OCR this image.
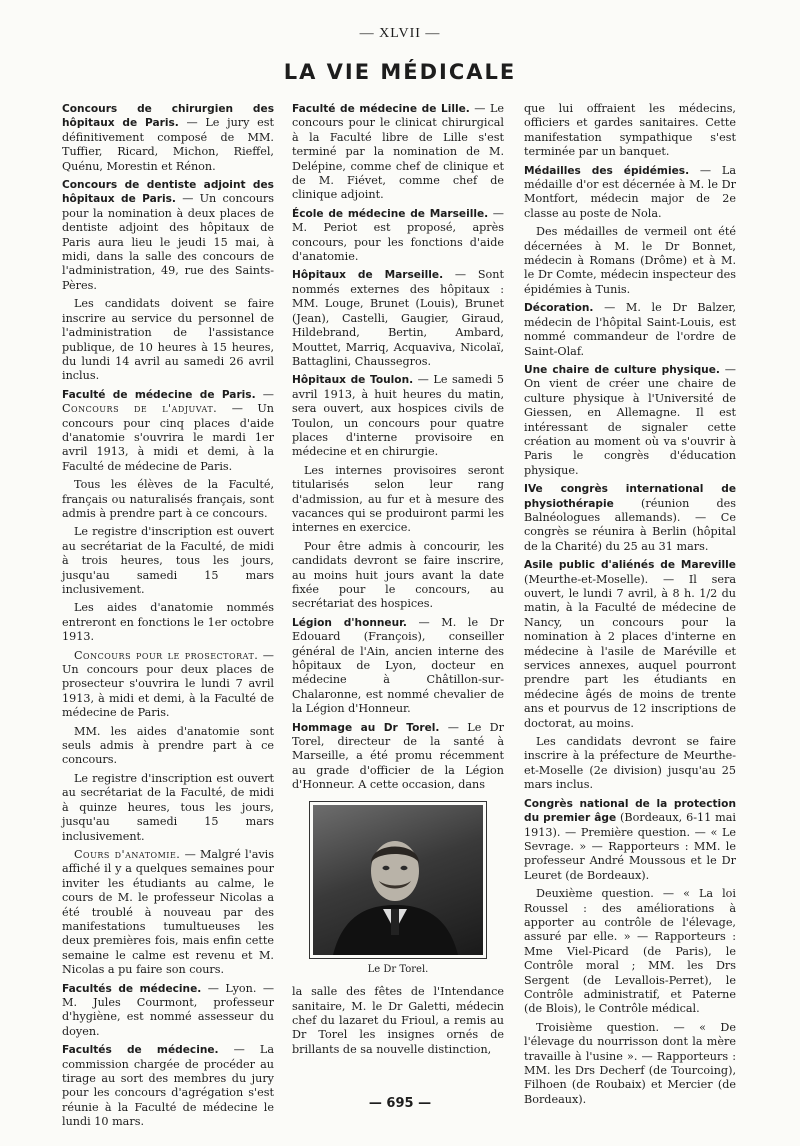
— XLVII —
LA VIE MÉDICALE

Concours de chirurgien des hôpitaux de Paris. — Le jury est définitivement composé de MM. Tuffier, Ricard, Michon, Rieffel, Quénu, Morestin et Rénon.

Concours de dentiste adjoint des hôpitaux de Paris. — Un concours pour la nomination à deux places de dentiste adjoint des hôpitaux de Paris aura lieu le jeudi 15 mai, à midi, dans la salle des concours de l'administration, 49, rue des Saints-Pères.

Les candidats doivent se faire inscrire au service du personnel de l'administration de l'assistance publique, de 10 heures à 15 heures, du lundi 14 avril au samedi 26 avril inclus.

Faculté de médecine de Paris. — Concours de l'adjuvat. — Un concours pour cinq places d'aide d'anatomie s'ouvrira le mardi 1er avril 1913, à midi et demi, à la Faculté de médecine de Paris.

Tous les élèves de la Faculté, français ou naturalisés français, sont admis à prendre part à ce concours.

Le registre d'inscription est ouvert au secrétariat de la Faculté, de midi à trois heures, tous les jours, jusqu'au samedi 15 mars inclusivement.

Les aides d'anatomie nommés entreront en fonctions le 1er octobre 1913.

Concours pour le prosectorat. — Un concours pour deux places de prosecteur s'ouvrira le lundi 7 avril 1913, à midi et demi, à la Faculté de médecine de Paris.

MM. les aides d'anatomie sont seuls admis à prendre part à ce concours.

Le registre d'inscription est ouvert au secrétariat de la Faculté, de midi à quinze heures, tous les jours, jusqu'au samedi 15 mars inclusivement.

Cours d'anatomie. — Malgré l'avis affiché il y a quelques semaines pour inviter les étudiants au calme, le cours de M. le professeur Nicolas a été troublé à nouveau par des manifestations tumultueuses les deux premières fois, mais enfin cette semaine le calme est revenu et M. Nicolas a pu faire son cours.

Facultés de médecine. — Lyon. — M. Jules Courmont, professeur d'hygiène, est nommé assesseur du doyen.

Facultés de médecine. — La commission chargée de procéder au tirage au sort des membres du jury pour les concours d'agrégation s'est réunie à la Faculté de médecine le lundi 10 mars.

Faculté de médecine de Lille. — Le concours pour le clinicat chirurgical à la Faculté libre de Lille s'est terminé par la nomination de M. Delépine, comme chef de clinique et de M. Fiévet, comme chef de clinique adjoint.

École de médecine de Marseille. — M. Periot est proposé, après concours, pour les fonctions d'aide d'anatomie.

Hôpitaux de Marseille. — Sont nommés externes des hôpitaux : MM. Louge, Brunet (Louis), Brunet (Jean), Castelli, Gaugier, Giraud, Hildebrand, Bertin, Ambard, Mouttet, Marriq, Acquaviva, Nicolaï, Battaglini, Chaussegros.

Hôpitaux de Toulon. — Le samedi 5 avril 1913, à huit heures du matin, sera ouvert, aux hospices civils de Toulon, un concours pour quatre places d'interne provisoire en médecine et en chirurgie.

Les internes provisoires seront titularisés selon leur rang d'admission, au fur et à mesure des vacances qui se produiront parmi les internes en exercice.

Pour être admis à concourir, les candidats devront se faire inscrire, au moins huit jours avant la date fixée pour le concours, au secrétariat des hospices.

Légion d'honneur. — M. le Dr Edouard (François), conseiller général de l'Ain, ancien interne des hôpitaux de Lyon, docteur en médecine à Châtillon-sur-Chalaronne, est nommé chevalier de la Légion d'Honneur.

Hommage au Dr Torel. — Le Dr Torel, directeur de la santé à Marseille, a été promu récemment au grade d'officier de la Légion d'Honneur. A cette occasion, dans

Le Dr Torel.

la salle des fêtes de l'Intendance sanitaire, M. le Dr Galetti, médecin chef du lazaret du Frioul, a remis au Dr Torel les insignes ornés de brillants de sa nouvelle distinction,

que lui offraient les médecins, officiers et gardes sanitaires. Cette manifestation sympathique s'est terminée par un banquet.

Médailles des épidémies. — La médaille d'or est décernée à M. le Dr Montfort, médecin major de 2e classe au poste de Nola.

Des médailles de vermeil ont été décernées à M. le Dr Bonnet, médecin à Romans (Drôme) et à M. le Dr Comte, médecin inspecteur des épidémies à Tunis.

Décoration. — M. le Dr Balzer, médecin de l'hôpital Saint-Louis, est nommé commandeur de l'ordre de Saint-Olaf.

Une chaire de culture physique. — On vient de créer une chaire de culture physique à l'Université de Giessen, en Allemagne. Il est intéressant de signaler cette création au moment où va s'ouvrir à Paris le congrès d'éducation physique.

IVe congrès international de physiothérapie (réunion des Balnéologues allemands). — Ce congrès se réunira à Berlin (hôpital de la Charité) du 25 au 31 mars.

Asile public d'aliénés de Mareville (Meurthe-et-Moselle). — Il sera ouvert, le lundi 7 avril, à 8 h. 1/2 du matin, à la Faculté de médecine de Nancy, un concours pour la nomination à 2 places d'interne en médecine à l'asile de Maréville et services annexes, auquel pourront prendre part les étudiants en médecine âgés de moins de trente ans et pourvus de 12 inscriptions de doctorat, au moins.

Les candidats devront se faire inscrire à la préfecture de Meurthe-et-Moselle (2e division) jusqu'au 25 mars inclus.

Congrès national de la protection du premier âge (Bordeaux, 6-11 mai 1913). — Première question. — « Le Sevrage. » — Rapporteurs : MM. le professeur André Moussous et le Dr Leuret (de Bordeaux).

Deuxième question. — « La loi Roussel : des améliorations à apporter au contrôle de l'élevage, assuré par elle. » — Rapporteurs : Mme Viel-Picard (de Paris), le Contrôle moral ; MM. les Drs Sergent (de Levallois-Perret), le Contrôle administratif, et Paterne (de Blois), le Contrôle médical.

Troisième question. — « De l'élevage du nourrisson dont la mère travaille à l'usine ». — Rapporteurs : MM. les Drs Decherf (de Tourcoing), Filhoen (de Roubaix) et Mercier (de Bordeaux).

— 695 —
